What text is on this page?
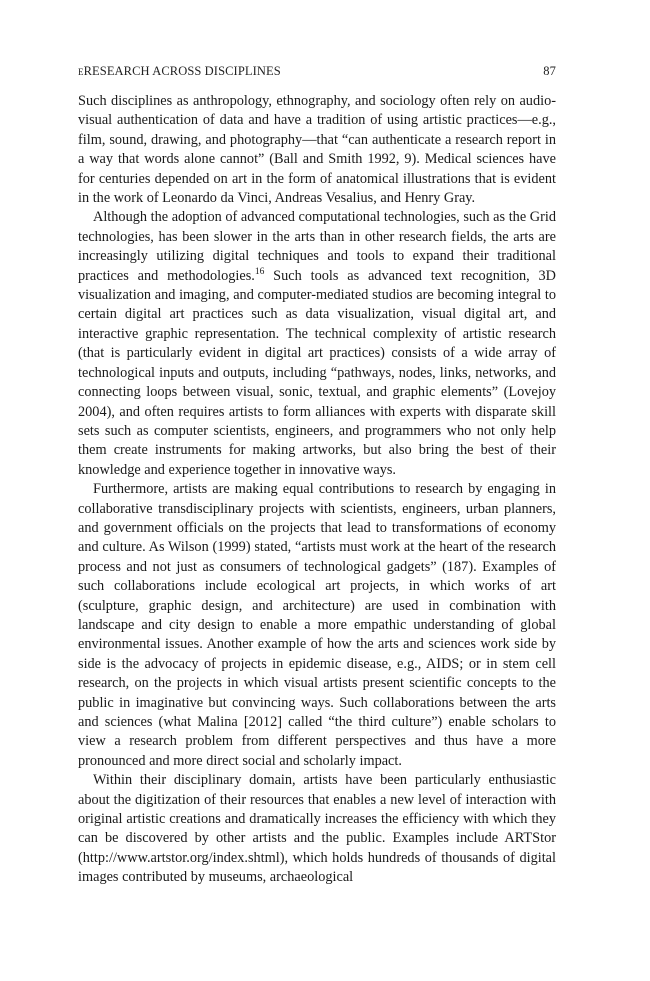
eRESEARCH ACROSS DISCIPLINES	87

Such disciplines as anthropology, ethnography, and sociology often rely on audio-visual authentication of data and have a tradition of using artistic practices—e.g., film, sound, drawing, and photography—that “can authenticate a research report in a way that words alone cannot” (Ball and Smith 1992, 9). Medical sciences have for centuries depended on art in the form of anatomical illustrations that is evident in the work of Leonardo da Vinci, Andreas Vesalius, and Henry Gray.

Although the adoption of advanced computational technologies, such as the Grid technologies, has been slower in the arts than in other research fields, the arts are increasingly utilizing digital techniques and tools to expand their traditional practices and methodologies.$^{16}$ Such tools as advanced text recognition, 3D visualization and imaging, and computer-mediated studios are becoming integral to certain digital art practices such as data visualization, visual digital art, and interactive graphic representation. The technical complexity of artistic research (that is particularly evident in digital art practices) consists of a wide array of technological inputs and outputs, including “pathways, nodes, links, networks, and connecting loops between visual, sonic, textual, and graphic elements” (Lovejoy 2004), and often requires artists to form alliances with experts with disparate skill sets such as computer scientists, engineers, and programmers who not only help them create instruments for making artworks, but also bring the best of their knowledge and experience together in innovative ways.

Furthermore, artists are making equal contributions to research by engaging in collaborative transdisciplinary projects with scientists, engineers, urban planners, and government officials on the projects that lead to transformations of economy and culture. As Wilson (1999) stated, “artists must work at the heart of the research process and not just as consumers of technological gadgets” (187). Examples of such collaborations include ecological art projects, in which works of art (sculpture, graphic design, and architecture) are used in combination with landscape and city design to enable a more empathic understanding of global environmental issues. Another example of how the arts and sciences work side by side is the advocacy of projects in epidemic disease, e.g., AIDS; or in stem cell research, on the projects in which visual artists present scientific concepts to the public in imaginative but convincing ways. Such collaborations between the arts and sciences (what Malina [2012] called “the third culture”) enable scholars to view a research problem from different perspectives and thus have a more pronounced and more direct social and scholarly impact.

Within their disciplinary domain, artists have been particularly enthusiastic about the digitization of their resources that enables a new level of interaction with original artistic creations and dramatically increases the efficiency with which they can be discovered by other artists and the public. Examples include ARTStor (http://www.artstor.org/index.shtml), which holds hundreds of thousands of digital images contributed by museums, archaeological
